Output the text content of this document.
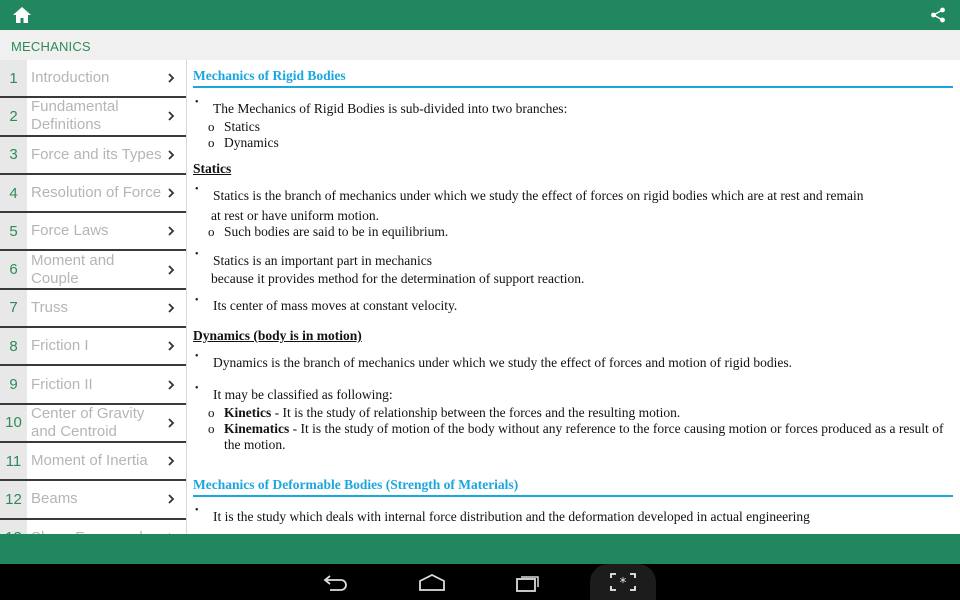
MECHANICS
1 Introduction
2
Fundamental Definitions
3 Force and its Types
4 Resolution of Force
5 Force Laws
6
Moment and Couple
7 Truss
8 Friction I
9 Friction II
10
Center of Gravity and Centroid
11 Moment of Inertia
12 Beams
Mechanics of Rigid Bodies
• The Mechanics of Rigid Bodies is sub-divided into two branches:
o Statics
o Dynamics
Statics
• Statics is the branch of mechanics under which we study the effect of forces on rigid bodies which are at rest and remain
at rest or have uniform motion.
o Such bodies are said to be in equilibrium.
• Statics is an important part in mechanics
because it provides method for the determination of support reaction.
• Its center of mass moves at constant velocity.
Dynamics (body is in motion)
• Dynamics is the branch of mechanics under which we study the effect of forces and motion of rigid bodies.
• It may be classified as following:
o Kinetics - It is the study of relationship between the forces and the resulting motion.
o Kinematics - It is the study of motion of the body without any reference to the force causing motion or forces produced as a result of the motion.
Mechanics of Deformable Bodies (Strength of Materials)
• It is the study which deals with internal force distribution and the deformation developed in actual engineering
*
